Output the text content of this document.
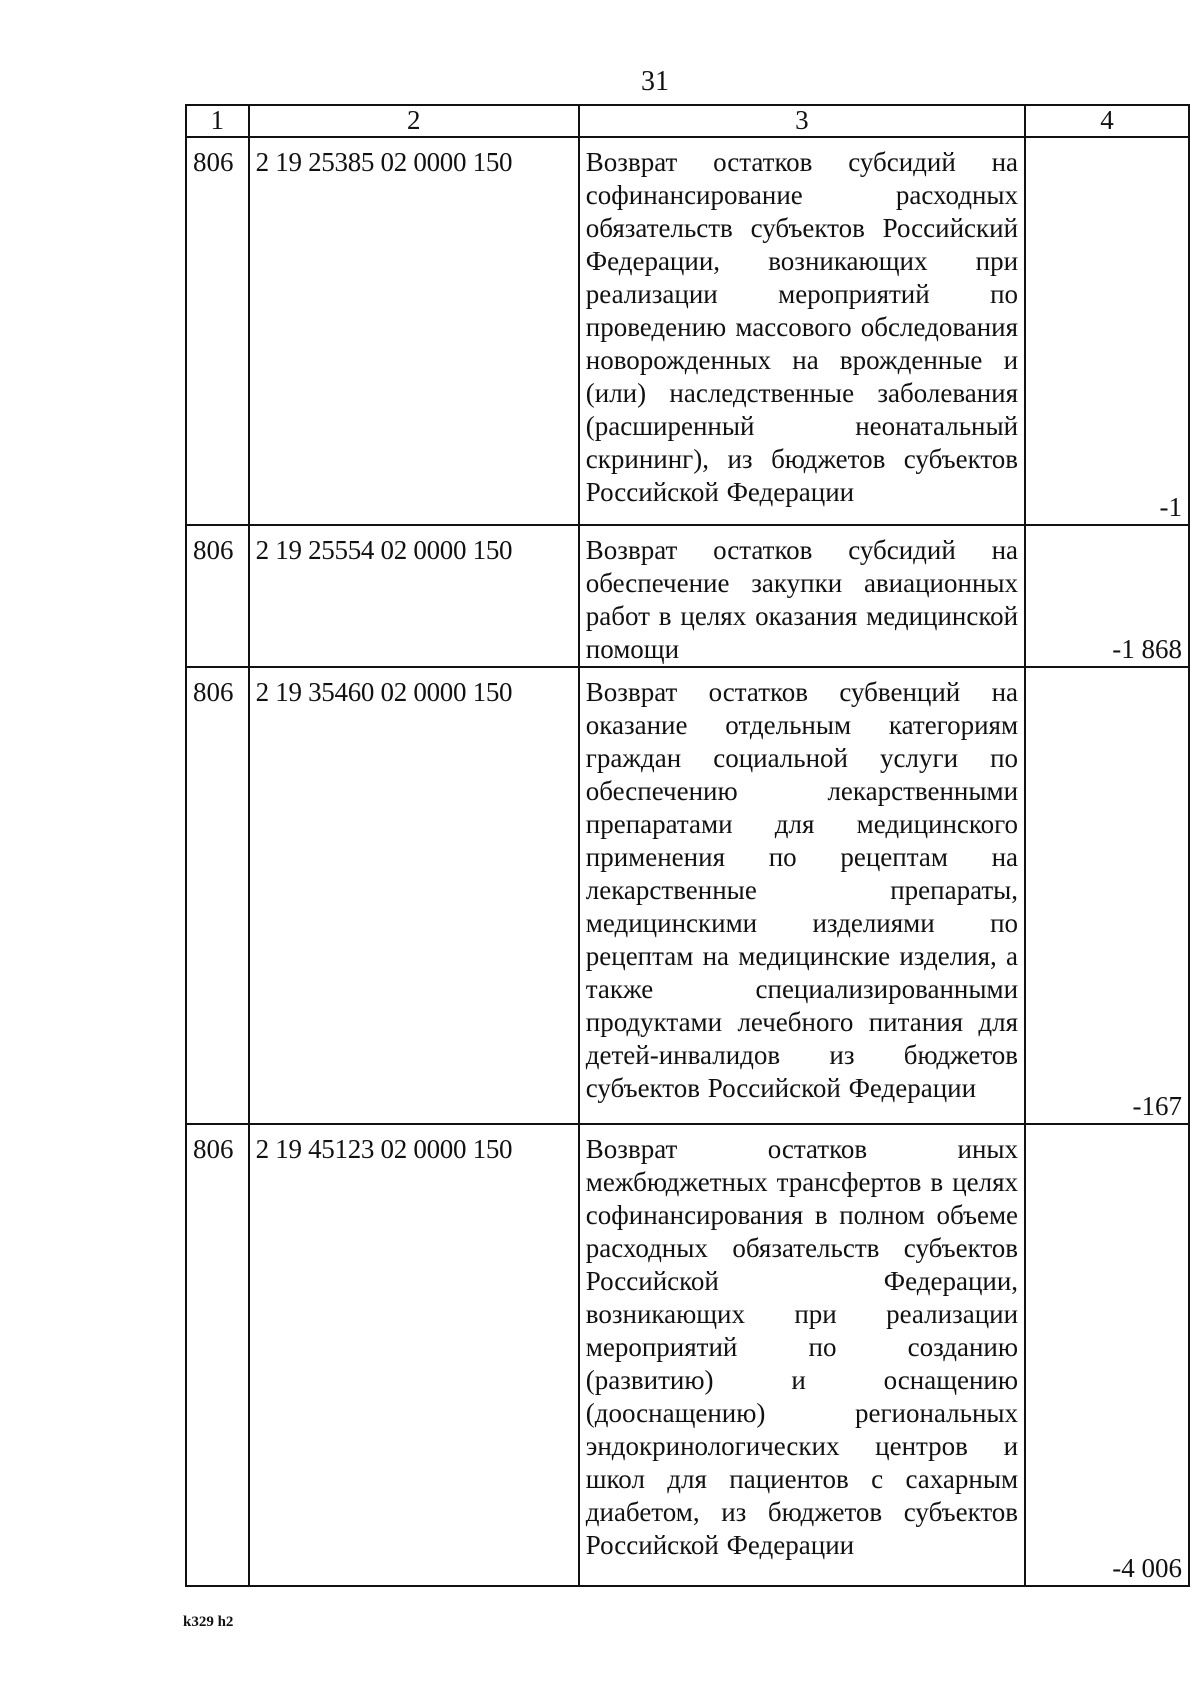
31
1	2	3	4
806	2 19 25385 02 0000 150	Возврат остатков субсидий на софинансирование расходных обязательств субъектов Российский Федерации, возникающих при реализации мероприятий по проведению массового обследования новорожденных на врожденные и (или) наследственные заболевания (расширенный неонатальный скрининг), из бюджетов субъектов Российской Федерации	-1
806	2 19 25554 02 0000 150	Возврат остатков субсидий на обеспечение закупки авиационных работ в целях оказания медицинской помощи	-1 868
806	2 19 35460 02 0000 150	Возврат остатков субвенций на оказание отдельным категориям граждан социальной услуги по обеспечению лекарственными препаратами для медицинского применения по рецептам на лекарственные препараты, медицинскими изделиями по рецептам на медицинские изделия, а также специализированными продуктами лечебного питания для детей-инвалидов из бюджетов субъектов Российской Федерации	-167
806	2 19 45123 02 0000 150	Возврат остатков иных межбюджетных трансфертов в целях софинансирования в полном объеме расходных обязательств субъектов Российской Федерации, возникающих при реализации мероприятий по созданию (развитию) и оснащению (дооснащению) региональных эндокринологических центров и школ для пациентов с сахарным диабетом, из бюджетов субъектов Российской Федерации	-4 006
k329 h2
